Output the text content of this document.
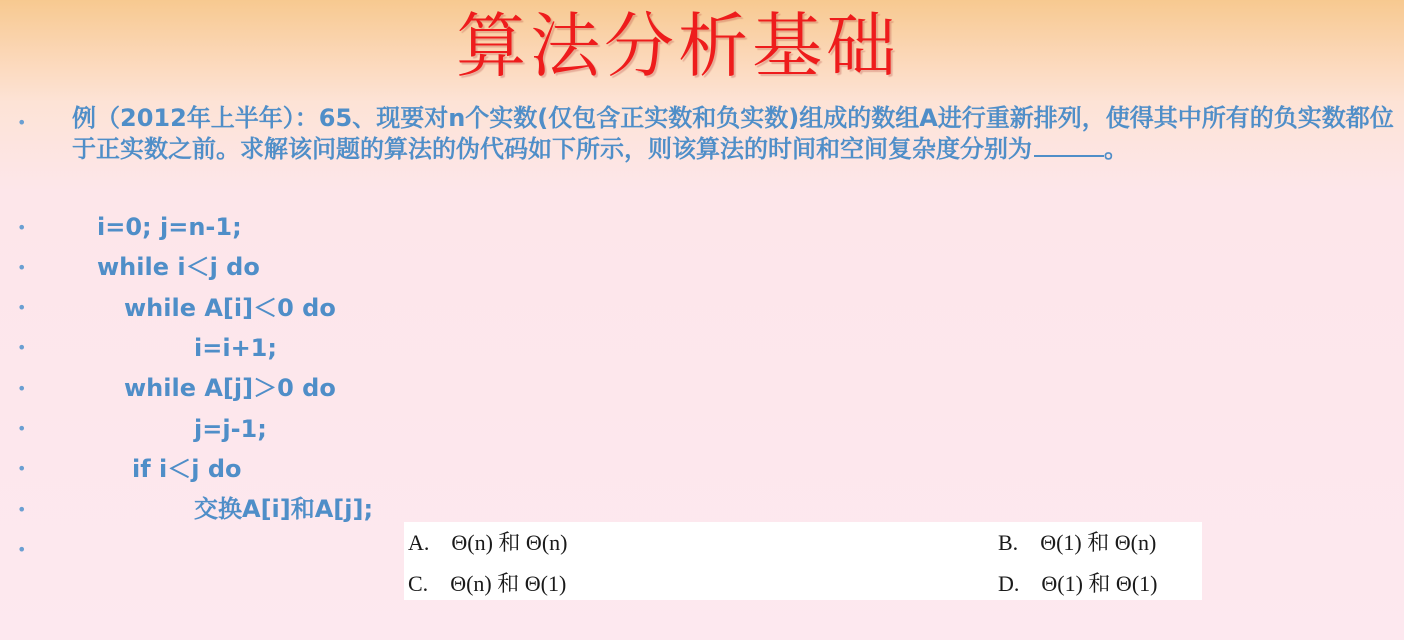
算法分析基础
•
•
•
•
•
•
•
•
•
•
例（2012年上半年）：65、现要对n个实数(仅包含正实数和负实数)组成的数组A进行重新排列，使得其中所有的负实数都位于正实数之前。求解该问题的算法的伪代码如下所示，则该算法的时间和空间复杂度分别为	。
i=0; j=n-1;
while i＜j do
while A[i]＜0 do
i=i+1;
while A[j]＞0 do
j=j-1;
if i＜j do
交换A[i]和A[j];
A. Θ(n) 和 Θ(n)	B. Θ(1) 和 Θ(n)
C. Θ(n) 和 Θ(1)	D. Θ(1) 和 Θ(1)
